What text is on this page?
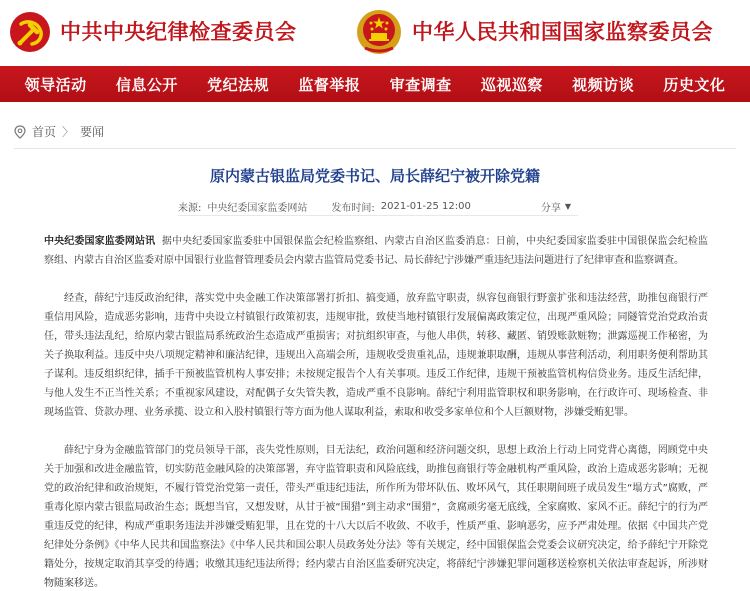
中共中央纪律检查委员会	中华人民共和国国家监察委员会
领导活动 信息公开 党纪法规 监督举报 审查调查 巡视巡察 视频访谈 历史文化
首页 〉 要闻
原内蒙古银监局党委书记、局长薛纪宁被开除党籍
来源: 中央纪委国家监委网站 发布时间: 2021-01-25 12:00	分享 ▼

中央纪委国家监委网站讯 据中央纪委国家监委驻中国银保监会纪检监察组、内蒙古自治区监委消息：日前，中央纪委国家监委驻中国银保监会纪检监察组、内蒙古自治区监委对原中国银行业监督管理委员会内蒙古监管局党委书记、局长薛纪宁涉嫌严重违纪违法问题进行了纪律审查和监察调查。

经查，薛纪宁违反政治纪律，落实党中央金融工作决策部署打折扣、搞变通，放弃监守职责，纵容包商银行野蛮扩张和违法经营，助推包商银行严重信用风险，造成恶劣影响，违背中央设立村镇银行政策初衷，违规审批，致使当地村镇银行发展偏离政策定位，出现严重风险；同隧管党治党政治责任，带头违法乱纪，给原内蒙古银监局系统政治生态造成严重损害；对抗组织审查，与他人串供，转移、藏匿、销毁账款赃物；泄露巡视工作秘密，为关子换取利益。违反中央八项规定精神和廉洁纪律，违规出入高端会所，违规收受贵重礼品，违规兼职取酬，违规从事营利活动，利用职务便利帮助其子谋利。违反组织纪律，插手干预被监管机构人事安排；未按规定报告个人有关事项。违反工作纪律，违规干预被监管机构信贷业务。违反生活纪律，与他人发生不正当性关系；不重视家风建设，对配偶子女失管失教，造成严重不良影响。薛纪宁利用监管职权和职务影响，在行政许可、现场检查、非现场监管、贷款办理、业务承揽、设立和入股村镇银行等方面为他人谋取利益，索取和收受多家单位和个人巨额财物，涉嫌受贿犯罪。

薛纪宁身为金融监管部门的党员领导干部，丧失党性原则，目无法纪，政治问题和经济问题交织，思想上政治上行动上同党背心离德，罔顾党中央关于加强和改进金融监管，切实防范金融风险的决策部署，弃守监管职责和风险底线，助推包商银行等金融机构严重风险，政治上造成恶劣影响；无视党的政治纪律和政治规矩，不履行管党治党第一责任，带头严重违纪违法，所作所为带坏队伍、败坏风气，其任职期间班子成员发生“塌方式”腐败，严重毒化原内蒙古银监局政治生态；既想当官，又想发财，从甘于被“围猎”到主动求“围猎”，贪腐顽劣毫无底线，全家腐败、家风不正。薛纪宁的行为严重违反党的纪律，构成严重职务违法并涉嫌受贿犯罪，且在党的十八大以后不收敛、不收手，性质严重、影响恶劣，应予严肃处理。依据《中国共产党纪律处分条例》《中华人民共和国监察法》《中华人民共和国公职人员政务处分法》等有关规定，经中国银保监会党委会议研究决定，给予薛纪宁开除党籍处分，按规定取消其享受的待遇；收缴其违纪违法所得；经内蒙古自治区监委研究决定，将薛纪宁涉嫌犯罪问题移送检察机关依法审查起诉，所涉财物随案移送。
